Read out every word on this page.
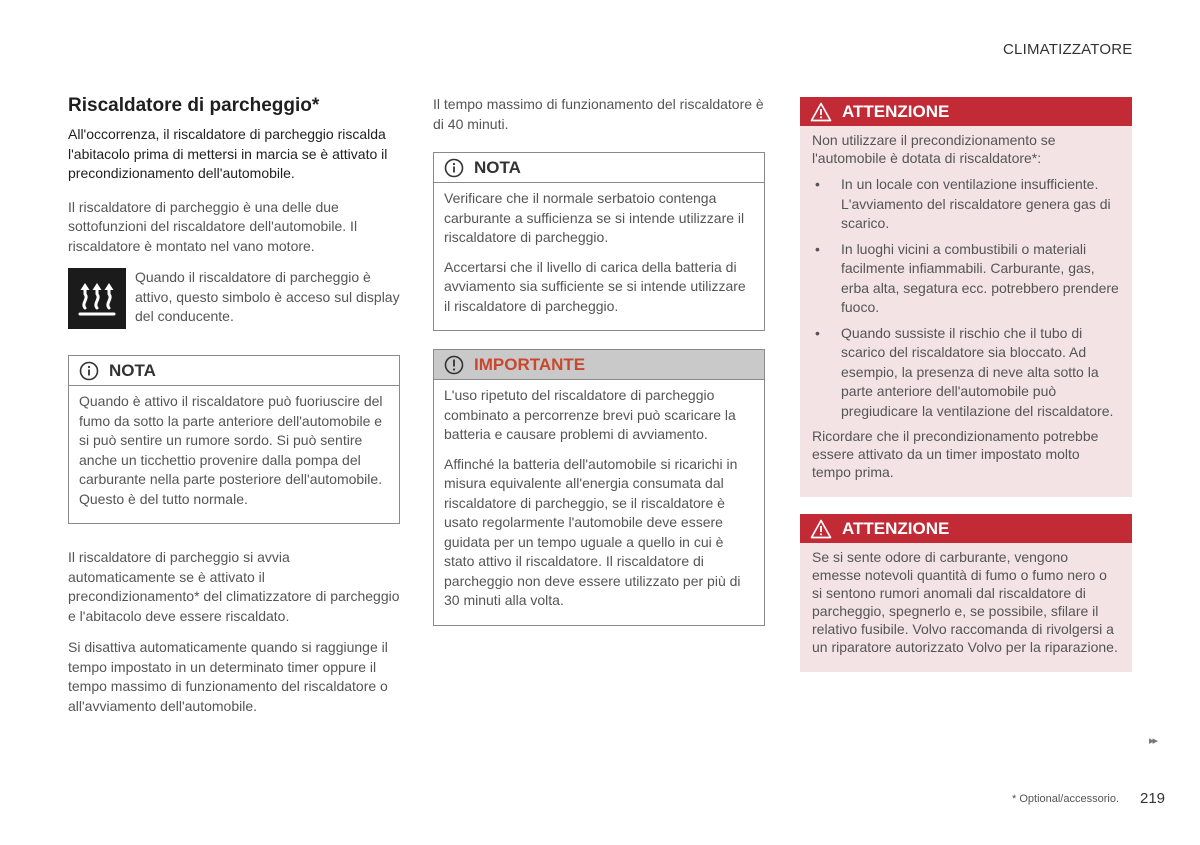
CLIMATIZZATORE
Riscaldatore di parcheggio*

All'occorrenza, il riscaldatore di parcheggio riscalda l'abitacolo prima di mettersi in marcia se è attivato il precondizionamento dell'automobile.

Il riscaldatore di parcheggio è una delle due sottofunzioni del riscaldatore dell'automobile. Il riscaldatore è montato nel vano motore.

Quando il riscaldatore di parcheggio è attivo, questo simbolo è acceso sul display del conducente.

NOTA

Quando è attivo il riscaldatore può fuoriuscire del fumo da sotto la parte anteriore dell'automobile e si può sentire un rumore sordo. Si può sentire anche un ticchettio provenire dalla pompa del carburante nella parte posteriore dell'automobile. Questo è del tutto normale.

Il riscaldatore di parcheggio si avvia automaticamente se è attivato il precondizionamento* del climatizzatore di parcheggio e l'abitacolo deve essere riscaldato.

Si disattiva automaticamente quando si raggiunge il tempo impostato in un determinato timer oppure il tempo massimo di funzionamento del riscaldatore o all'avviamento dell'automobile.

Il tempo massimo di funzionamento del riscaldatore è di 40 minuti.

NOTA

Verificare che il normale serbatoio contenga carburante a sufficienza se si intende utilizzare il riscaldatore di parcheggio.

Accertarsi che il livello di carica della batteria di avviamento sia sufficiente se si intende utilizzare il riscaldatore di parcheggio.

IMPORTANTE

L'uso ripetuto del riscaldatore di parcheggio combinato a percorrenze brevi può scaricare la batteria e causare problemi di avviamento.

Affinché la batteria dell'automobile si ricarichi in misura equivalente all'energia consumata dal riscaldatore di parcheggio, se il riscaldatore è usato regolarmente l'automobile deve essere guidata per un tempo uguale a quello in cui è stato attivo il riscaldatore. Il riscaldatore di parcheggio non deve essere utilizzato per più di 30 minuti alla volta.

ATTENZIONE

Non utilizzare il precondizionamento se l'automobile è dotata di riscaldatore*:

• In un locale con ventilazione insufficiente. L'avviamento del riscaldatore genera gas di scarico.
• In luoghi vicini a combustibili o materiali facilmente infiammabili. Carburante, gas, erba alta, segatura ecc. potrebbero prendere fuoco.
• Quando sussiste il rischio che il tubo di scarico del riscaldatore sia bloccato. Ad esempio, la presenza di neve alta sotto la parte anteriore dell'automobile può pregiudicare la ventilazione del riscaldatore.

Ricordare che il precondizionamento potrebbe essere attivato da un timer impostato molto tempo prima.

ATTENZIONE

Se si sente odore di carburante, vengono emesse notevoli quantità di fumo o fumo nero o si sentono rumori anomali dal riscaldatore di parcheggio, spegnerlo e, se possibile, sfilare il relativo fusibile. Volvo raccomanda di rivolgersi a un riparatore autorizzato Volvo per la riparazione.

▸▸
* Optional/accessorio. 219
